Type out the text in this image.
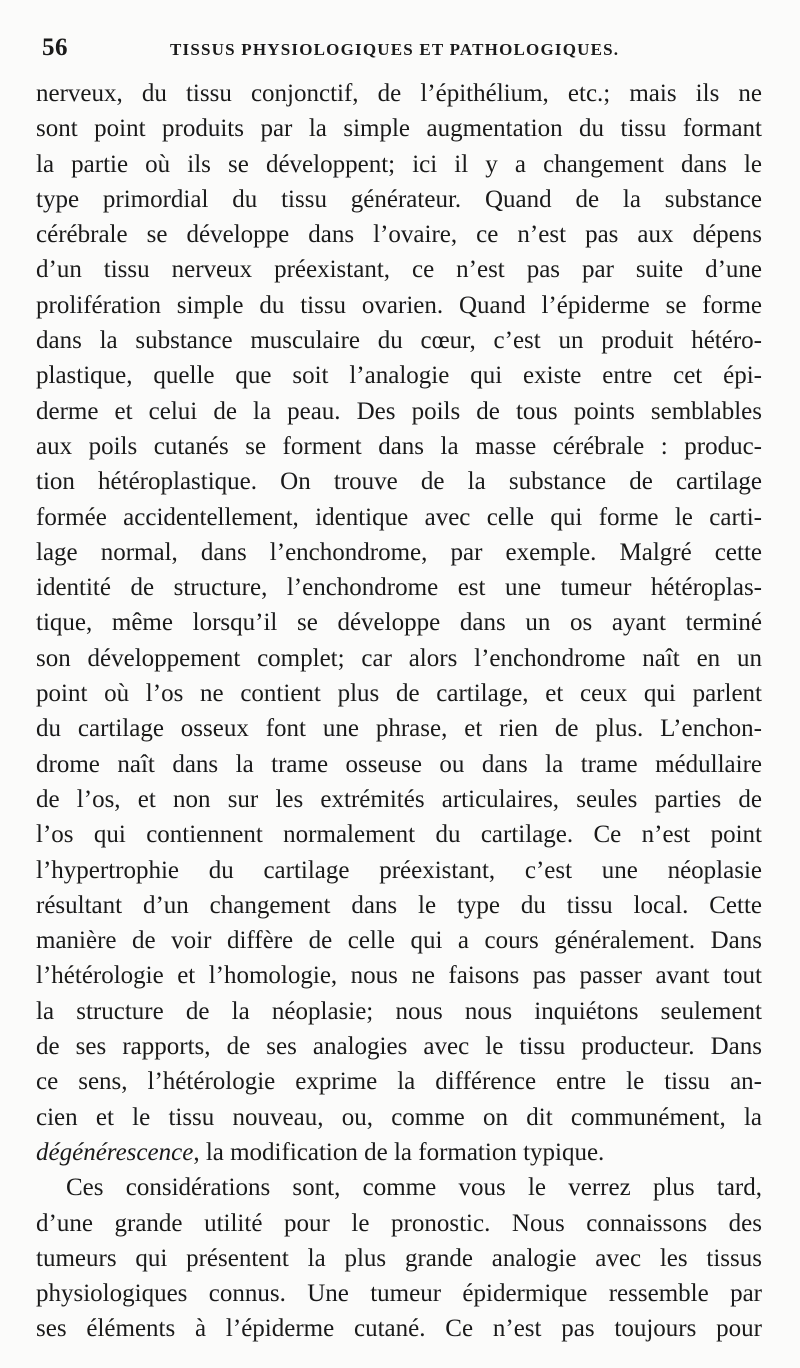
56	TISSUS PHYSIOLOGIQUES ET PATHOLOGIQUES.
nerveux, du tissu conjonctif, de l’épithélium, etc.; mais ils ne
sont point produits par la simple augmentation du tissu formant
la partie où ils se développent; ici il y a changement dans le
type primordial du tissu générateur. Quand de la substance
cérébrale se développe dans l’ovaire, ce n’est pas aux dépens
d’un tissu nerveux préexistant, ce n’est pas par suite d’une
prolifération simple du tissu ovarien. Quand l’épiderme se forme
dans la substance musculaire du cœur, c’est un produit hétéro-
plastique, quelle que soit l’analogie qui existe entre cet épi-
derme et celui de la peau. Des poils de tous points semblables
aux poils cutanés se forment dans la masse cérébrale : produc-
tion hétéroplastique. On trouve de la substance de cartilage
formée accidentellement, identique avec celle qui forme le carti-
lage normal, dans l’enchondrome, par exemple. Malgré cette
identité de structure, l’enchondrome est une tumeur hétéroplas-
tique, même lorsqu’il se développe dans un os ayant terminé
son développement complet; car alors l’enchondrome naît en un
point où l’os ne contient plus de cartilage, et ceux qui parlent
du cartilage osseux font une phrase, et rien de plus. L’enchon-
drome naît dans la trame osseuse ou dans la trame médullaire
de l’os, et non sur les extrémités articulaires, seules parties de
l’os qui contiennent normalement du cartilage. Ce n’est point
l’hypertrophie du cartilage préexistant, c’est une néoplasie
résultant d’un changement dans le type du tissu local. Cette
manière de voir diffère de celle qui a cours généralement. Dans
l’hétérologie et l’homologie, nous ne faisons pas passer avant tout
la structure de la néoplasie; nous nous inquiétons seulement
de ses rapports, de ses analogies avec le tissu producteur. Dans
ce sens, l’hétérologie exprime la différence entre le tissu an-
cien et le tissu nouveau, ou, comme on dit communément, la
dégénérescence, la modification de la formation typique.
Ces considérations sont, comme vous le verrez plus tard,
d’une grande utilité pour le pronostic. Nous connaissons des
tumeurs qui présentent la plus grande analogie avec les tissus
physiologiques connus. Une tumeur épidermique ressemble par
ses éléments à l’épiderme cutané. Ce n’est pas toujours pour
